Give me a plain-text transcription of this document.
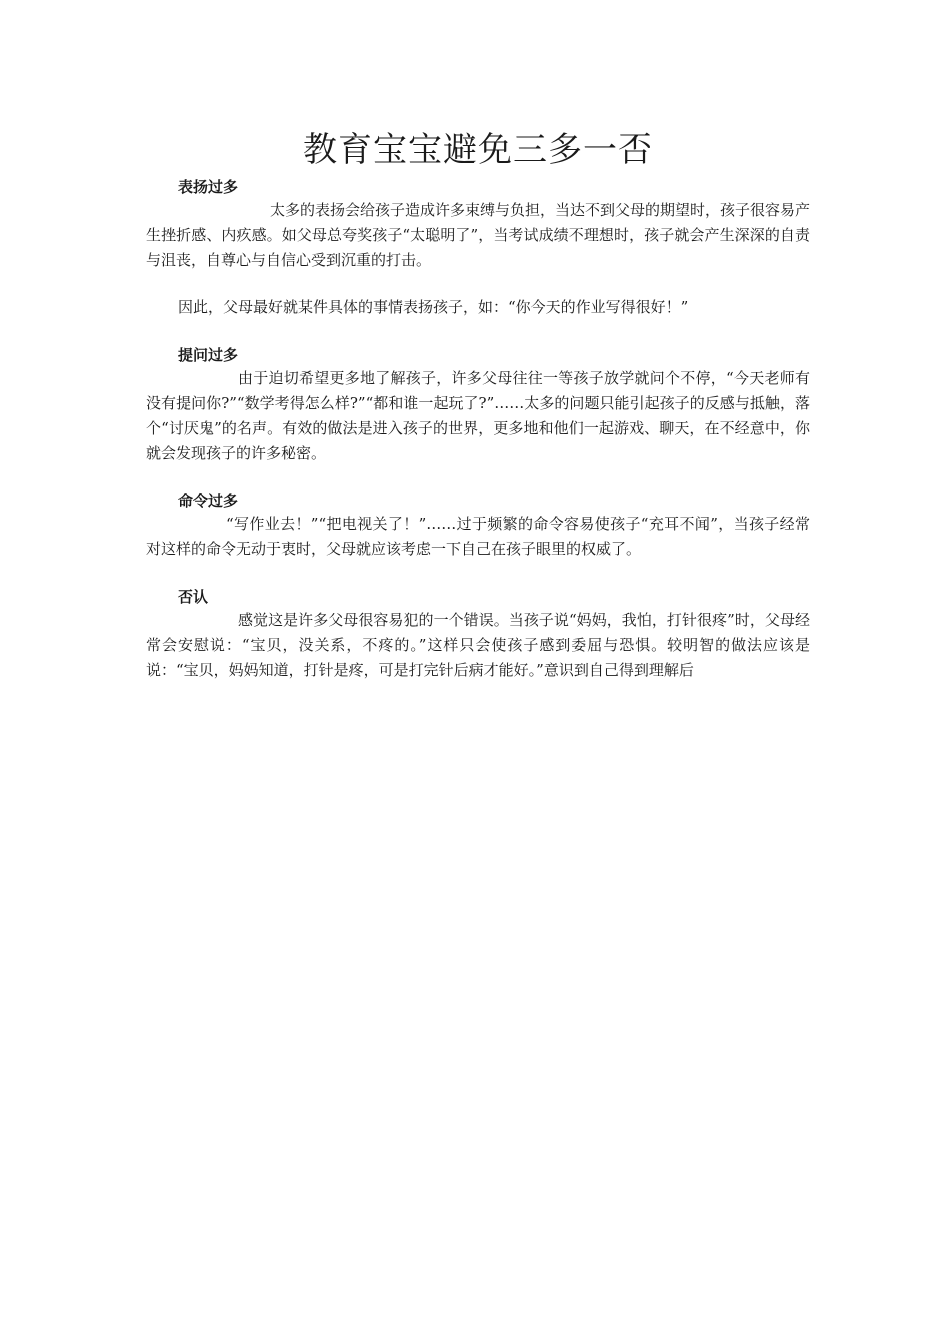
教育宝宝避免三多一否

表扬过多

太多的表扬会给孩子造成许多束缚与负担，当达不到父母的期望时，孩子很容易产生挫折感、内疚感。如父母总夸奖孩子“太聪明了”，当考试成绩不理想时，孩子就会产生深深的自责与沮丧，自尊心与自信心受到沉重的打击。

因此，父母最好就某件具体的事情表扬孩子，如：“你今天的作业写得很好！”

提问过多

由于迫切希望更多地了解孩子，许多父母往往一等孩子放学就问个不停，“今天老师有没有提问你?”“数学考得怎么样?”“都和谁一起玩了?”……太多的问题只能引起孩子的反感与抵触，落个“讨厌鬼”的名声。有效的做法是进入孩子的世界，更多地和他们一起游戏、聊天，在不经意中，你就会发现孩子的许多秘密。

命令过多

“写作业去！”“把电视关了！”……过于频繁的命令容易使孩子“充耳不闻”，当孩子经常对这样的命令无动于衷时，父母就应该考虑一下自己在孩子眼里的权威了。

否认

感觉这是许多父母很容易犯的一个错误。当孩子说“妈妈，我怕，打针很疼”时，父母经常会安慰说：“宝贝，没关系，不疼的。”这样只会使孩子感到委屈与恐惧。较明智的做法应该是说：“宝贝，妈妈知道，打针是疼，可是打完针后病才能好。”意识到自己得到理解后
